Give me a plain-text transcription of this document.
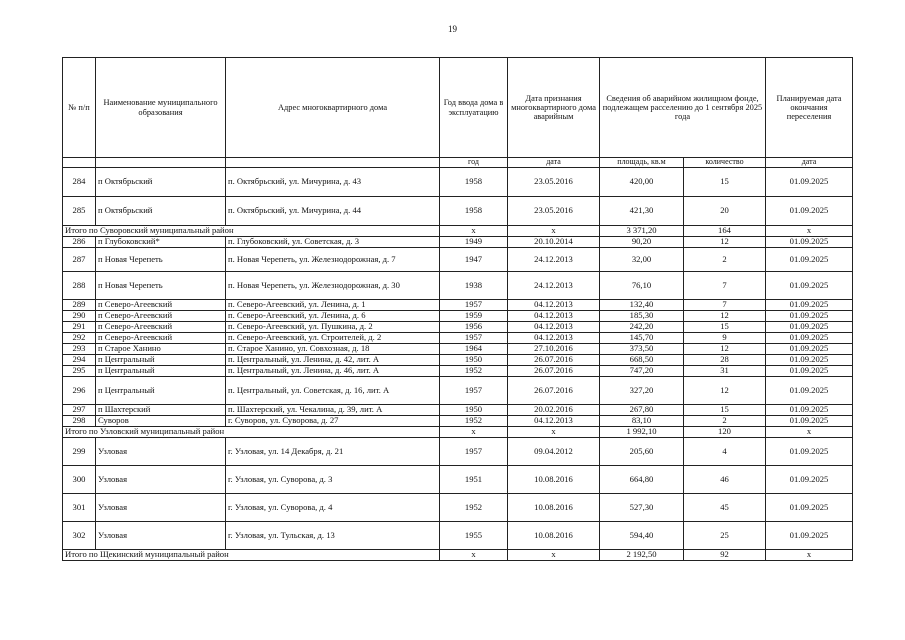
19
№ п/п	Наименование муниципального образования	Адрес многоквартирного дома	Год ввода дома в эксплуатацию	Дата признания многоквартирного дома аварийным	Сведения об аварийном жилищном фонде, подлежащем расселению до 1 сентября 2025 года		Планируемая дата окончания переселения
			год	дата	площадь, кв.м	количество	дата
284	п Октябрьский	п. Октябрьский, ул. Мичурина, д. 43	1958	23.05.2016	420,00	15	01.09.2025
285	п Октябрьский	п. Октябрьский, ул. Мичурина, д. 44	1958	23.05.2016	421,30	20	01.09.2025
Итого по Суворовский муниципальный район			х	х	3 371,20	164	х
286	п Глубоковский*	п. Глубоковский, ул. Советская, д. 3	1949	20.10.2014	90,20	12	01.09.2025
287	п Новая Черепеть	п. Новая Черепеть, ул. Железнодорожная, д. 7	1947	24.12.2013	32,00	2	01.09.2025
288	п Новая Черепеть	п. Новая Черепеть, ул. Железнодорожная, д. 30	1938	24.12.2013	76,10	7	01.09.2025
289	п Северо-Агеевский	п. Северо-Агеевский, ул. Ленина, д. 1	1957	04.12.2013	132,40	7	01.09.2025
290	п Северо-Агеевский	п. Северо-Агеевский, ул. Ленина, д. 6	1959	04.12.2013	185,30	12	01.09.2025
291	п Северо-Агеевский	п. Северо-Агеевский, ул. Пушкина, д. 2	1956	04.12.2013	242,20	15	01.09.2025
292	п Северо-Агеевский	п. Северо-Агеевский, ул. Строителей, д. 2	1957	04.12.2013	145,70	9	01.09.2025
293	п Старое Ханино	п. Старое Ханино, ул. Совхозная, д. 18	1964	27.10.2016	373,50	12	01.09.2025
294	п Центральный	п. Центральный, ул. Ленина, д. 42, лит. А	1950	26.07.2016	668,50	28	01.09.2025
295	п Центральный	п. Центральный, ул. Ленина, д. 46, лит. А	1952	26.07.2016	747,20	31	01.09.2025
296	п Центральный	п. Центральный, ул. Советская, д. 16, лит. А	1957	26.07.2016	327,20	12	01.09.2025
297	п Шахтерский	п. Шахтерский, ул. Чекалина, д. 39, лит. А	1950	20.02.2016	267,80	15	01.09.2025
298	Суворов	г. Суворов, ул. Суворова, д. 27	1952	04.12.2013	83,10	2	01.09.2025
Итого по Узловский муниципальный район			х	х	1 992,10	120	х
299	Узловая	г. Узловая, ул. 14 Декабря, д. 21	1957	09.04.2012	205,60	4	01.09.2025
300	Узловая	г. Узловая, ул. Суворова, д. 3	1951	10.08.2016	664,80	46	01.09.2025
301	Узловая	г. Узловая, ул. Суворова, д. 4	1952	10.08.2016	527,30	45	01.09.2025
302	Узловая	г. Узловая, ул. Тульская, д. 13	1955	10.08.2016	594,40	25	01.09.2025
Итого по Щекинский муниципальный район			х	х	2 192,50	92	х
